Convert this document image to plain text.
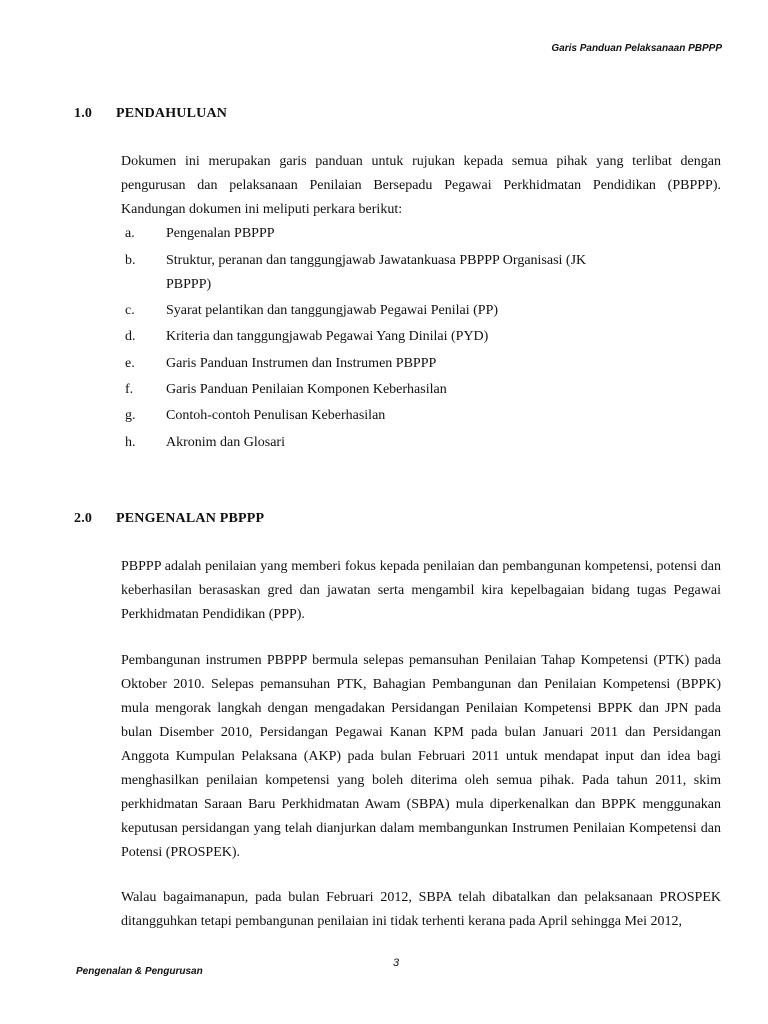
Garis Panduan Pelaksanaan PBPPP
1.0 PENDAHULUAN

Dokumen ini merupakan garis panduan untuk rujukan kepada semua pihak yang terlibat dengan pengurusan dan pelaksanaan Penilaian Bersepadu Pegawai Perkhidmatan Pendidikan (PBPPP). Kandungan dokumen ini meliputi perkara berikut:

a. Pengenalan PBPPP
b. Struktur, peranan dan tanggungjawab Jawatankuasa PBPPP Organisasi (JK PBPPP)
c. Syarat pelantikan dan tanggungjawab Pegawai Penilai (PP)
d. Kriteria dan tanggungjawab Pegawai Yang Dinilai (PYD)
e. Garis Panduan Instrumen dan Instrumen PBPPP
f. Garis Panduan Penilaian Komponen Keberhasilan
g. Contoh-contoh Penulisan Keberhasilan
h. Akronim dan Glosari
2.0 PENGENALAN PBPPP

PBPPP adalah penilaian yang memberi fokus kepada penilaian dan pembangunan kompetensi, potensi dan keberhasilan berasaskan gred dan jawatan serta mengambil kira kepelbagaian bidang tugas Pegawai Perkhidmatan Pendidikan (PPP).

Pembangunan instrumen PBPPP bermula selepas pemansuhan Penilaian Tahap Kompetensi (PTK) pada Oktober 2010. Selepas pemansuhan PTK, Bahagian Pembangunan dan Penilaian Kompetensi (BPPK) mula mengorak langkah dengan mengadakan Persidangan Penilaian Kompetensi BPPK dan JPN pada bulan Disember 2010, Persidangan Pegawai Kanan KPM pada bulan Januari 2011 dan Persidangan Anggota Kumpulan Pelaksana (AKP) pada bulan Februari 2011 untuk mendapat input dan idea bagi menghasilkan penilaian kompetensi yang boleh diterima oleh semua pihak. Pada tahun 2011, skim perkhidmatan Saraan Baru Perkhidmatan Awam (SBPA) mula diperkenalkan dan BPPK menggunakan keputusan persidangan yang telah dianjurkan dalam membangunkan Instrumen Penilaian Kompetensi dan Potensi (PROSPEK).

Walau bagaimanapun, pada bulan Februari 2012, SBPA telah dibatalkan dan pelaksanaan PROSPEK ditangguhkan tetapi pembangunan penilaian ini tidak terhenti kerana pada April sehingga Mei 2012,

3
Pengenalan & Pengurusan
